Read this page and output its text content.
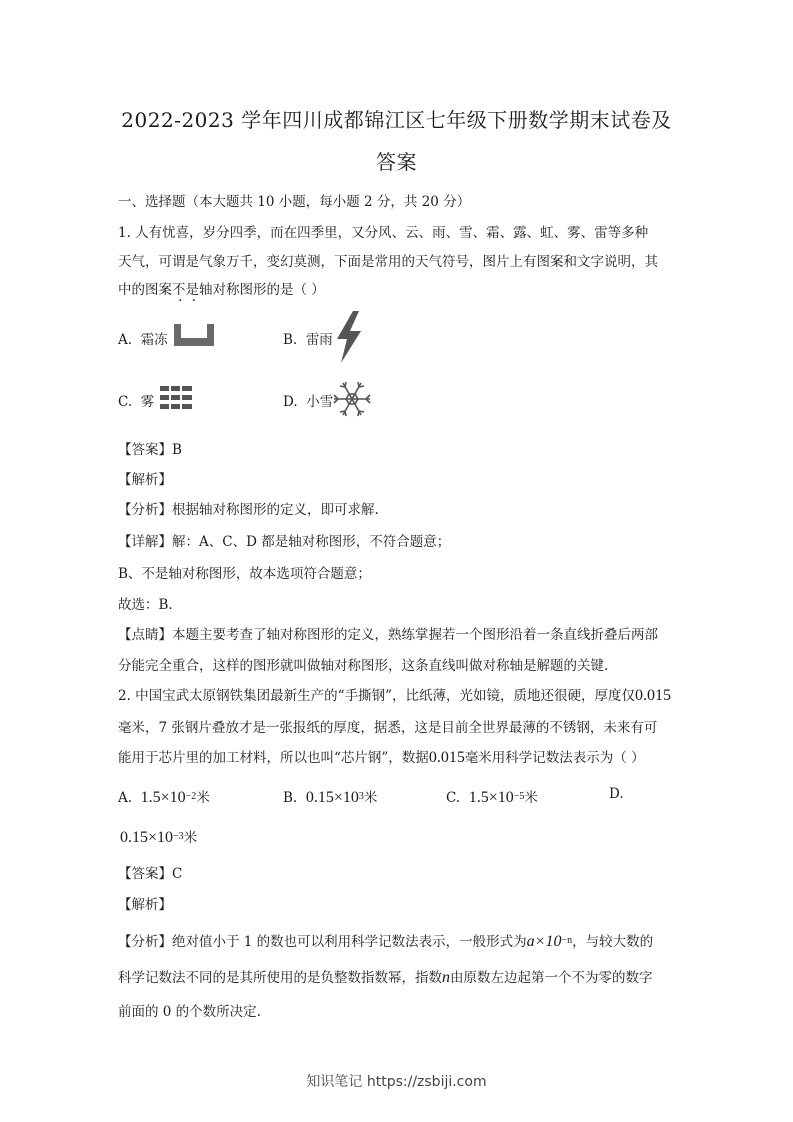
2022-2023 学年四川成都锦江区七年级下册数学期末试卷及
答案
一、选择题（本大题共 10 小题，每小题 2 分，共 20 分）
1. 人有忧喜，岁分四季，而在四季里，又分风、云、雨、雪、霜、露、虹、雾、雷等多种
天气，可谓是气象万千，变幻莫测，下面是常用的天气符号，图片上有图案和文字说明，其
中的图案不是轴对称图形的是（ ）
A. 霜冻	B. 雷雨
C. 雾	D. 小雪
【答案】B
【解析】
【分析】根据轴对称图形的定义，即可求解.
【详解】解：A、C、D 都是轴对称图形，不符合题意；
B、不是轴对称图形，故本选项符合题意；
故选：B.
【点睛】本题主要考查了轴对称图形的定义，熟练掌握若一个图形沿着一条直线折叠后两部
分能完全重合，这样的图形就叫做轴对称图形，这条直线叫做对称轴是解题的关键.
2. 中国宝武太原钢铁集团最新生产的“手撕钢”，比纸薄，光如镜，质地还很硬，厚度仅0.015
毫米，7 张钢片叠放才是一张报纸的厚度，据悉，这是目前全世界最薄的不锈钢，未来有可
能用于芯片里的加工材料，所以也叫“芯片钢”，数据0.015毫米用科学记数法表示为（ ）
A. $1.5\times 10^{-2}$米	B. $0.15\times 10^3$米	C. $1.5\times 10^{-5}$米	D.
$0.15\times 10^{-3}$米
【答案】C
【解析】
【分析】绝对值小于 1 的数也可以利用科学记数法表示，一般形式为$a\times 10^{-n}$，与较大数的
科学记数法不同的是其所使用的是负整数指数幂，指数n由原数左边起第一个不为零的数字
前面的 0 的个数所决定.
知识笔记 https://zsbiji.com
